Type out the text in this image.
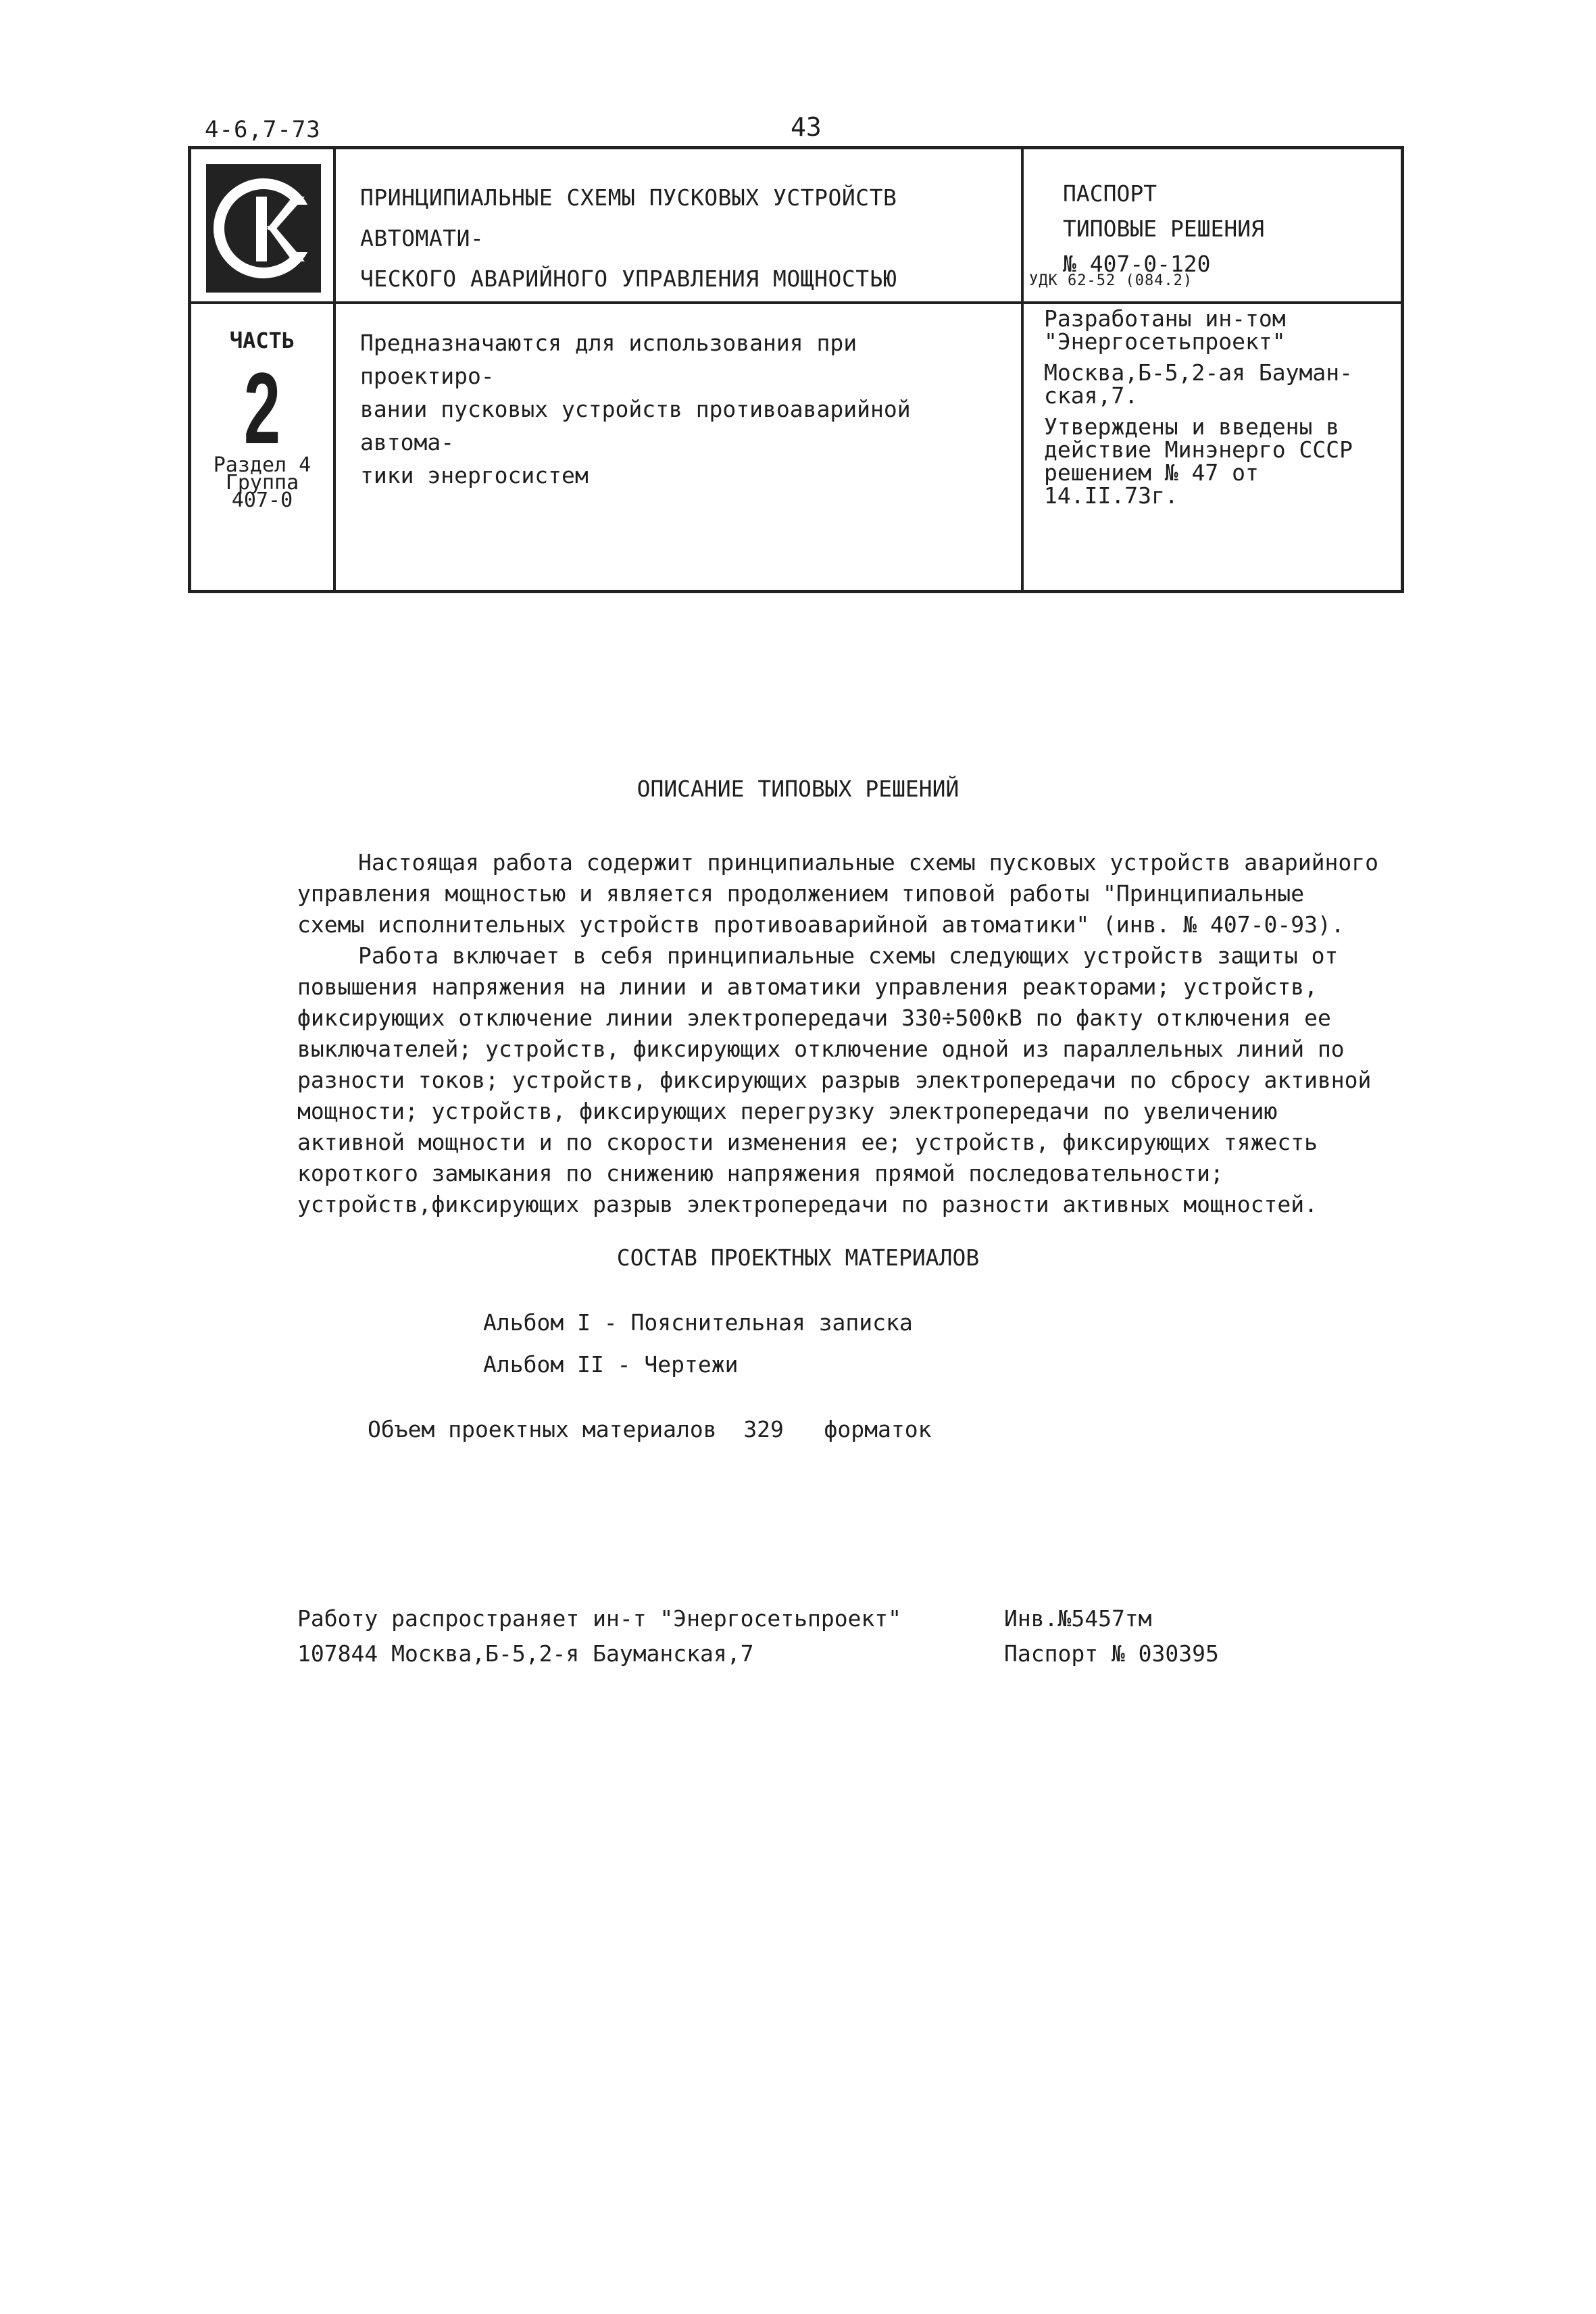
4-6,7-73	43
ПРИНЦИПИАЛЬНЫЕ СХЕМЫ ПУСКОВЫХ УСТРОЙСТВ АВТОМАТИ-
ЧЕСКОГО АВАРИЙНОГО УПРАВЛЕНИЯ МОЩНОСТЬЮ
ПАСПОРТ
ТИПОВЫЕ РЕШЕНИЯ
№ 407-0-120
УДК 62-52 (084.2)
ЧАСТЬ
2
Раздел 4
Группа
407-0
Предназначаются для использования при проектиро-
вании пусковых устройств противоаварийной автома-
тики энергосистем

Разработаны ин-том
"Энергосетьпроект"

Москва,Б-5,2-ая Бауман-
ская,7.

Утверждены и введены в
действие Минэнерго СССР
решением № 47 от 14.II.73г.

ОПИСАНИЕ ТИПОВЫХ РЕШЕНИЙ

Настоящая работа содержит принципиальные схемы пусковых устройств аварийного управления мощностью и является продолжением типовой работы "Принципиальные схемы исполнительных устройств противоаварийной автоматики" (инв. № 407-0-93).

Работа включает в себя принципиальные схемы следующих устройств защиты от повышения напряжения на линии и автоматики управления реакторами; устройств, фиксирующих отключение линии электропередачи 330÷500кВ по факту отключения ее выключателей; устройств, фиксирующих отключение одной из параллельных линий по разности токов; устройств, фиксирующих разрыв электропередачи по сбросу активной мощности; устройств, фиксирующих перегрузку электропередачи по увеличению активной мощности и по скорости изменения ее; устройств, фиксирующих тяжесть короткого замыкания по снижению напряжения прямой последовательности; устройств,фиксирующих разрыв электропередачи по разности активных мощностей.

СОСТАВ ПРОЕКТНЫХ МАТЕРИАЛОВ
Альбом I - Пояснительная записка
Альбом II - Чертежи
Объем проектных материалов 329 форматок
Работу распространяет ин-т "Энергосетьпроект"
107844 Москва,Б-5,2-я Бауманская,7
Инв.№5457тм
Паспорт № 030395
